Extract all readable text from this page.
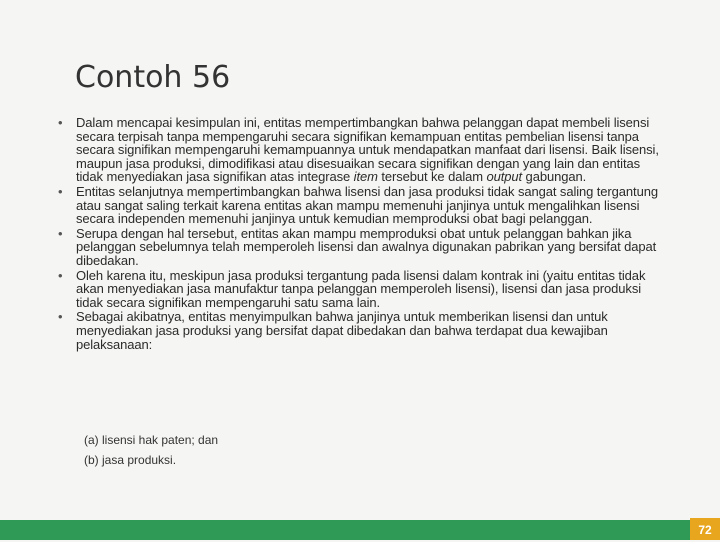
Contoh 56
•	Dalam mencapai kesimpulan ini, entitas mempertimbangkan bahwa pelanggan dapat membeli lisensi secara terpisah tanpa mempengaruhi secara signifikan kemampuan entitas pembelian lisensi tanpa secara signifikan mempengaruhi kemampuannya untuk mendapatkan manfaat dari lisensi. Baik lisensi, maupun jasa produksi, dimodifikasi atau disesuaikan secara signifikan dengan yang lain dan entitas tidak menyediakan jasa signifikan atas integrase item tersebut ke dalam output gabungan.
•	Entitas selanjutnya mempertimbangkan bahwa lisensi dan jasa produksi tidak sangat saling tergantung atau sangat saling terkait karena entitas akan mampu memenuhi janjinya untuk mengalihkan lisensi secara independen memenuhi janjinya untuk kemudian memproduksi obat bagi pelanggan.
•	Serupa dengan hal tersebut, entitas akan mampu memproduksi obat untuk pelanggan bahkan jika pelanggan sebelumnya telah memperoleh lisensi dan awalnya digunakan pabrikan yang bersifat dapat dibedakan.
•	Oleh karena itu, meskipun jasa produksi tergantung pada lisensi dalam kontrak ini (yaitu entitas tidak akan menyediakan jasa manufaktur tanpa pelanggan memperoleh lisensi), lisensi dan jasa produksi tidak secara signifikan mempengaruhi satu sama lain.
•	Sebagai akibatnya, entitas menyimpulkan bahwa janjinya untuk memberikan lisensi dan untuk menyediakan jasa produksi yang bersifat dapat dibedakan dan bahwa terdapat dua kewajiban pelaksanaan:
(a) lisensi hak paten; dan
(b) jasa produksi.
72
